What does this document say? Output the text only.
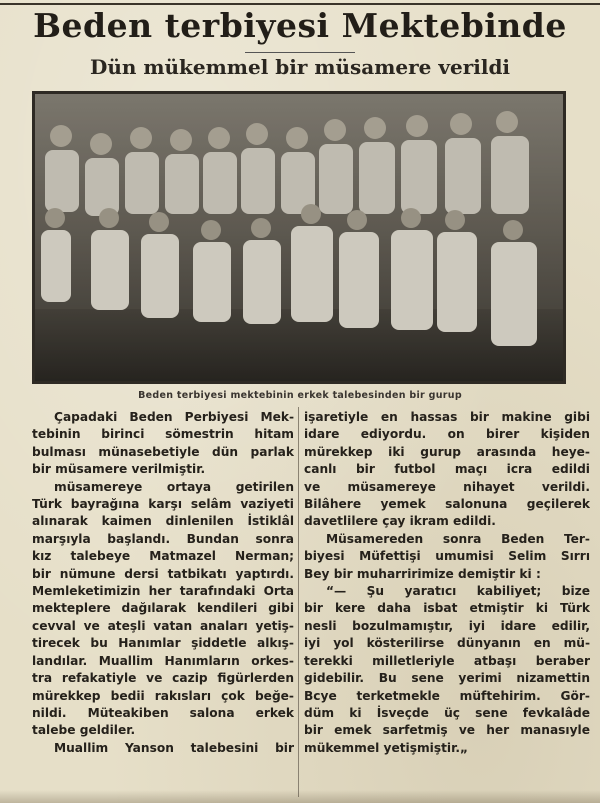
Beden terbiyesi Mektebinde
Dün mükemmel bir müsamere verildi
Beden terbiyesi mektebinin erkek talebesinden bir gurup
Çapadaki Beden Perbiyesi Mek-
tebinin birinci sömestrin hitam
bulması münasebetiyle dün parlak
bir müsamere verilmiştir.
müsamereye ortaya getirilen
Türk bayrağına karşı selâm vaziyeti
alınarak kaimen dinlenilen İstiklâl
marşıyla başlandı. Bundan sonra
kız talebeye Matmazel Nerman;
bir nümune dersi tatbikatı yaptırdı.
Memleketimizin her tarafındaki Orta
mekteplere dağılarak kendileri gibi
cevval ve ateşli vatan anaları yetiş-
tirecek bu Hanımlar şiddetle alkış-
landılar. Muallim Hanımların orkes-
tra refakatiyle ve cazip figürlerden
mürekkep bedii rakısları çok beğe-
nildi. Müteakiben salona erkek
talebe geldiler.
Muallim Yanson talebesini bir
işaretiyle en hassas bir makine gibi
idare ediyordu. on birer kişiden
mürekkep iki gurup arasında heye-
canlı bir futbol maçı icra edildi
ve müsamereye nihayet verildi.
Bilâhere yemek salonuna geçilerek
davetlilere çay ikram edildi.
Müsamereden sonra Beden Ter-
biyesi Müfettişi umumisi Selim Sırrı
Bey bir muharririmize demiştir ki :
“— Şu yaratıcı kabiliyet; bize
bir kere daha isbat etmiştir ki Türk
nesli bozulmamıştır, iyi idare edilir,
iyi yol kösterilirse dünyanın en mü-
terekki milletleriyle atbaşı beraber
gidebilir. Bu sene yerimi nizamettin
Bcye terketmekle müftehirim. Gör-
düm ki İsveçde üç sene fevkalâde
bir emek sarfetmiş ve her manasıyle
mükemmel yetişmiştir.„
